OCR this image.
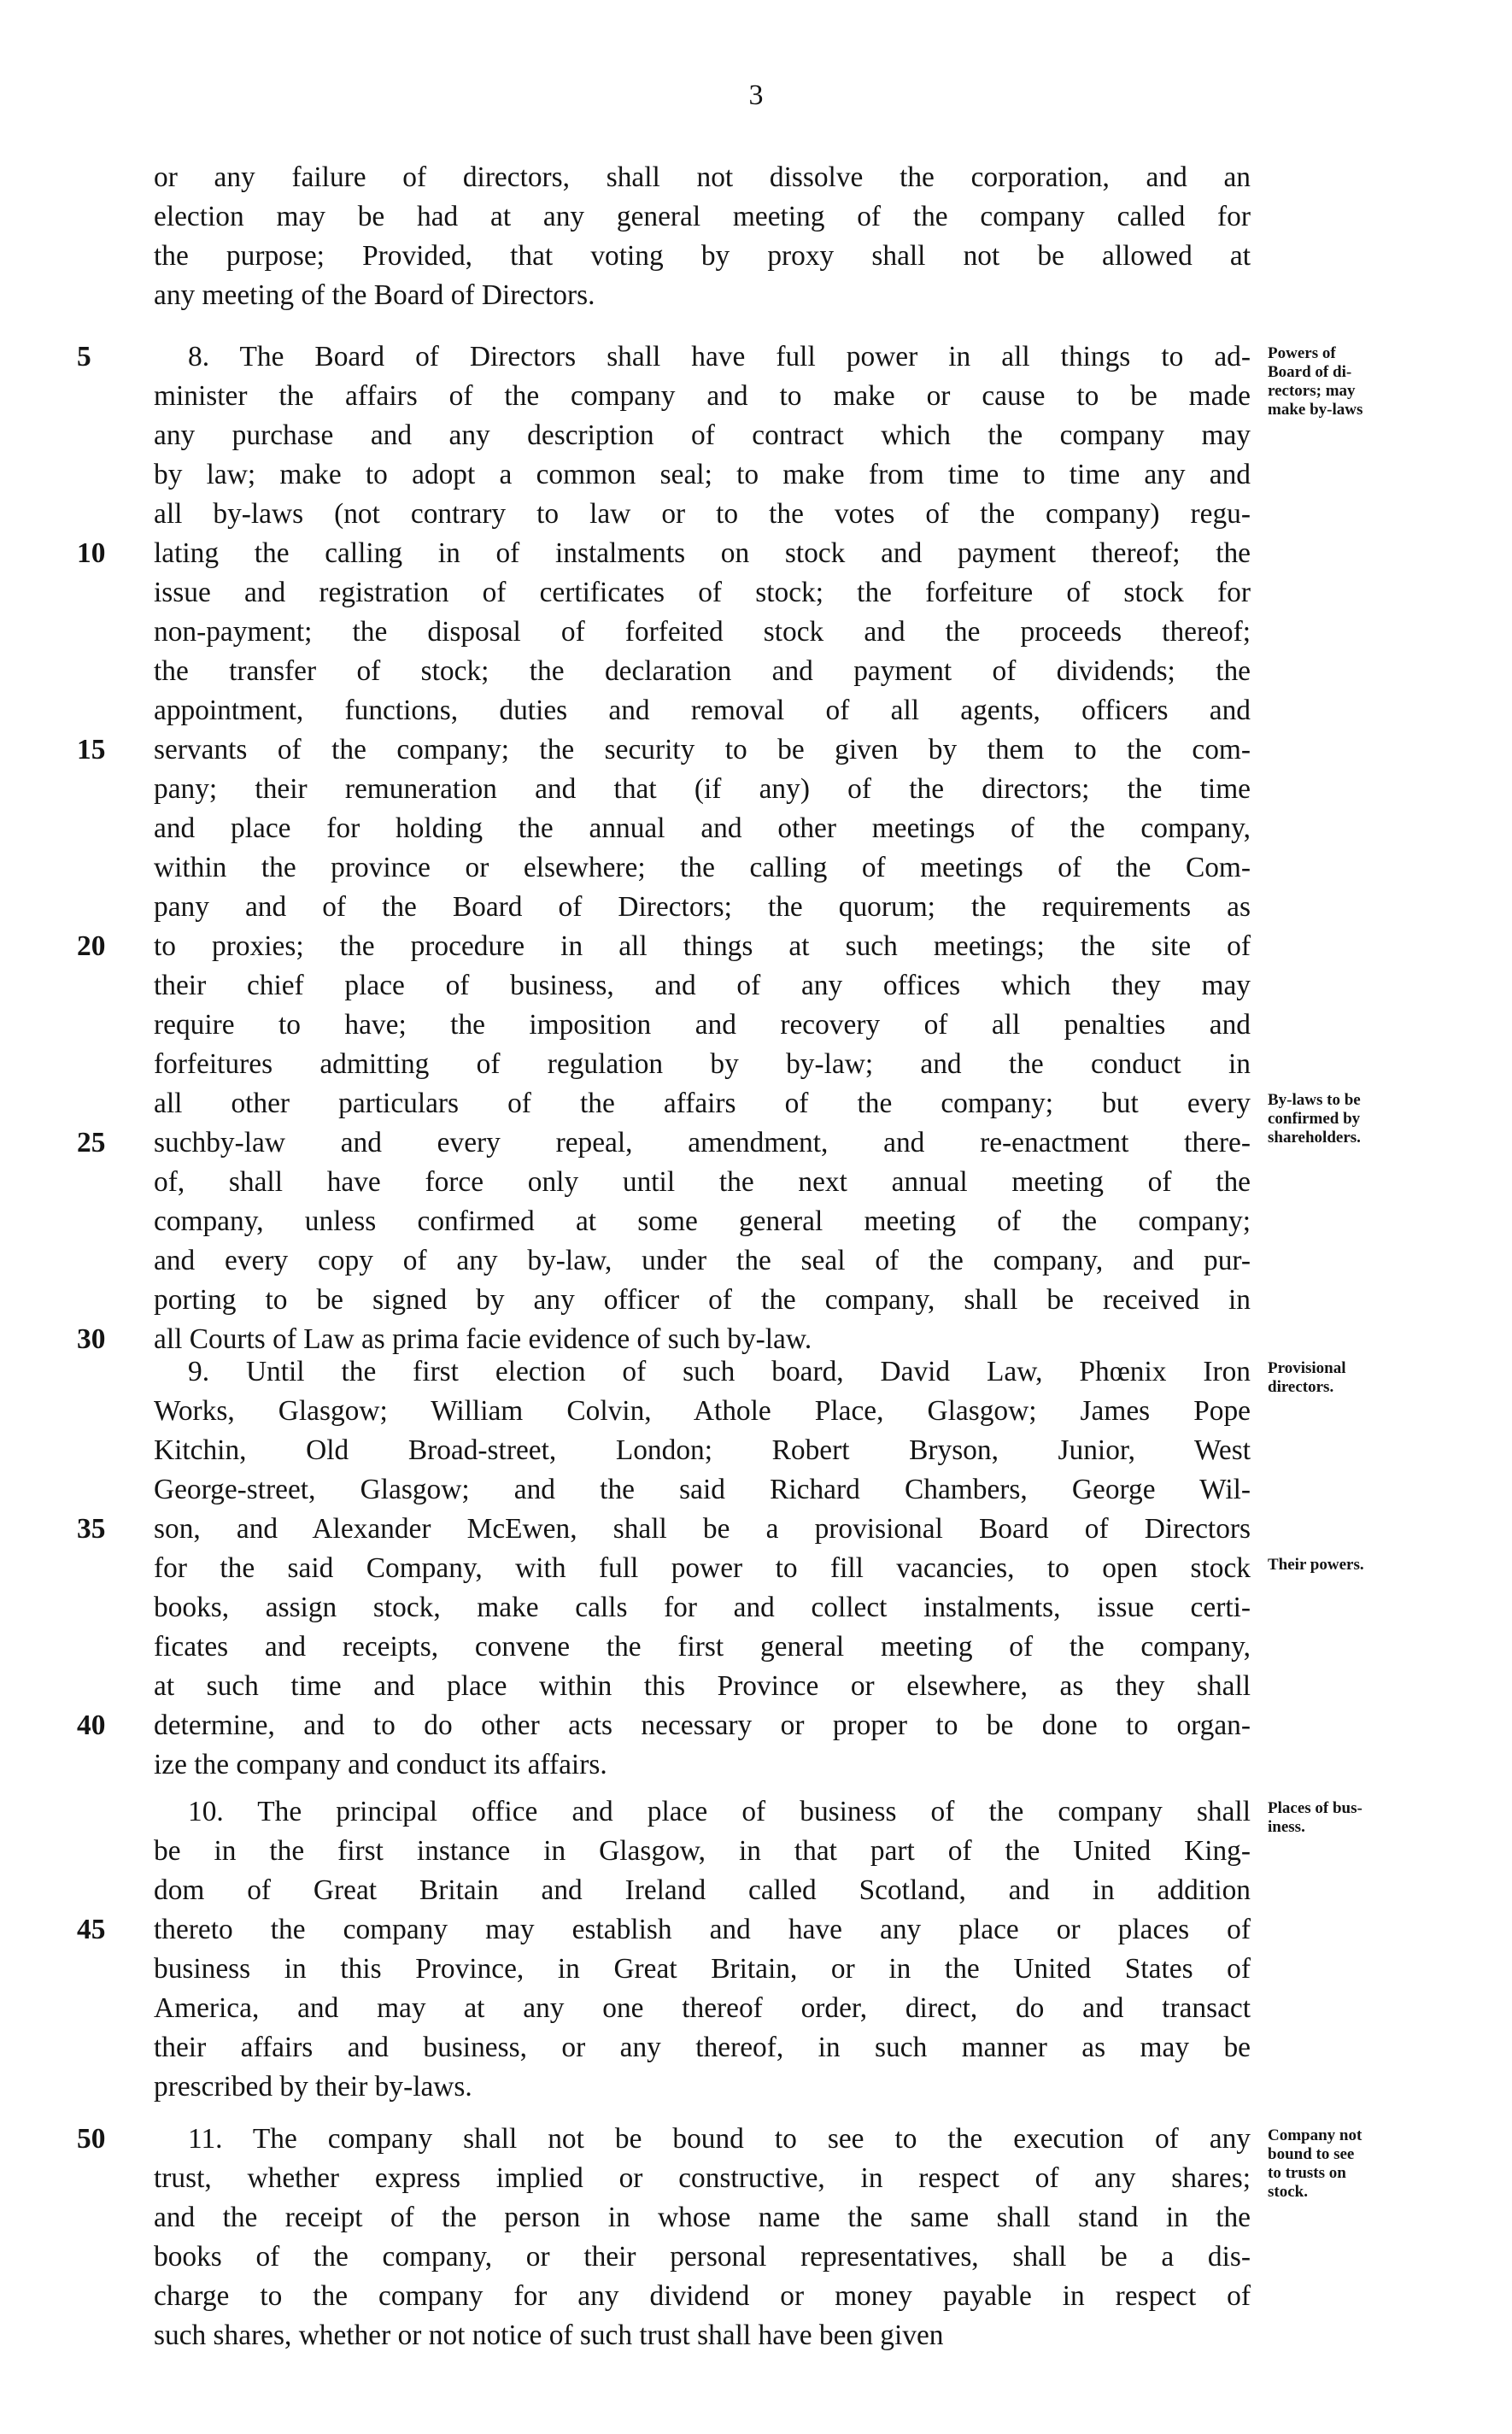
3
or any failure of directors, shall not dissolve the corporation, and an
election may be had at any general meeting of the company called for
the purpose; Provided, that voting by proxy shall not be allowed at
any meeting of the Board of Directors.
8. The Board of Directors shall have full power in all things to ad-
minister the affairs of the company and to make or cause to be made
any purchase and any description of contract which the company may
by law; make to adopt a common seal; to make from time to time any and
all by-laws (not contrary to law or to the votes of the company) regu-
lating the calling in of instalments on stock and payment thereof; the
issue and registration of certificates of stock; the forfeiture of stock for
non-payment; the disposal of forfeited stock and the proceeds thereof;
the transfer of stock; the declaration and payment of dividends; the
appointment, functions, duties and removal of all agents, officers and
servants of the company; the security to be given by them to the com-
pany; their remuneration and that (if any) of the directors; the time
and place for holding the annual and other meetings of the company,
within the province or elsewhere; the calling of meetings of the Com-
pany and of the Board of Directors; the quorum; the requirements as
to proxies; the procedure in all things at such meetings; the site of
their chief place of business, and of any offices which they may
require to have; the imposition and recovery of all penalties and
forfeitures admitting of regulation by by-law; and the conduct in
all other particulars of the affairs of the company; but every
suchby-law and every repeal, amendment, and re-enactment there-
of, shall have force only until the next annual meeting of the
company, unless confirmed at some general meeting of the company;
and every copy of any by-law, under the seal of the company, and pur-
porting to be signed by any officer of the company, shall be received in
all Courts of Law as prima facie evidence of such by-law.
5
10
15
20
25
30
Powers of
Board of di-
rectors; may
make by-laws
By-laws to be
confirmed by
shareholders.
9. Until the first election of such board, David Law, Phœnix Iron
Works, Glasgow; William Colvin, Athole Place, Glasgow; James Pope
Kitchin, Old Broad-street, London; Robert Bryson, Junior, West
George-street, Glasgow; and the said Richard Chambers, George Wil-
son, and Alexander McEwen, shall be a provisional Board of Directors
for the said Company, with full power to fill vacancies, to open stock
books, assign stock, make calls for and collect instalments, issue certi-
ficates and receipts, convene the first general meeting of the company,
at such time and place within this Province or elsewhere, as they shall
determine, and to do other acts necessary or proper to be done to organ-
ize the company and conduct its affairs.
35
40
Provisional
directors.
Their powers.
10. The principal office and place of business of the company shall
be in the first instance in Glasgow, in that part of the United King-
dom of Great Britain and Ireland called Scotland, and in addition
thereto the company may establish and have any place or places of
business in this Province, in Great Britain, or in the United States of
America, and may at any one thereof order, direct, do and transact
their affairs and business, or any thereof, in such manner as may be
prescribed by their by-laws.
45
Places of bus-
iness.
11. The company shall not be bound to see to the execution of any
trust, whether express implied or constructive, in respect of any shares;
and the receipt of the person in whose name the same shall stand in the
books of the company, or their personal representatives, shall be a dis-
charge to the company for any dividend or money payable in respect of
such shares, whether or not notice of such trust shall have been given
50	Company not
bound to see
to trusts on
stock.
